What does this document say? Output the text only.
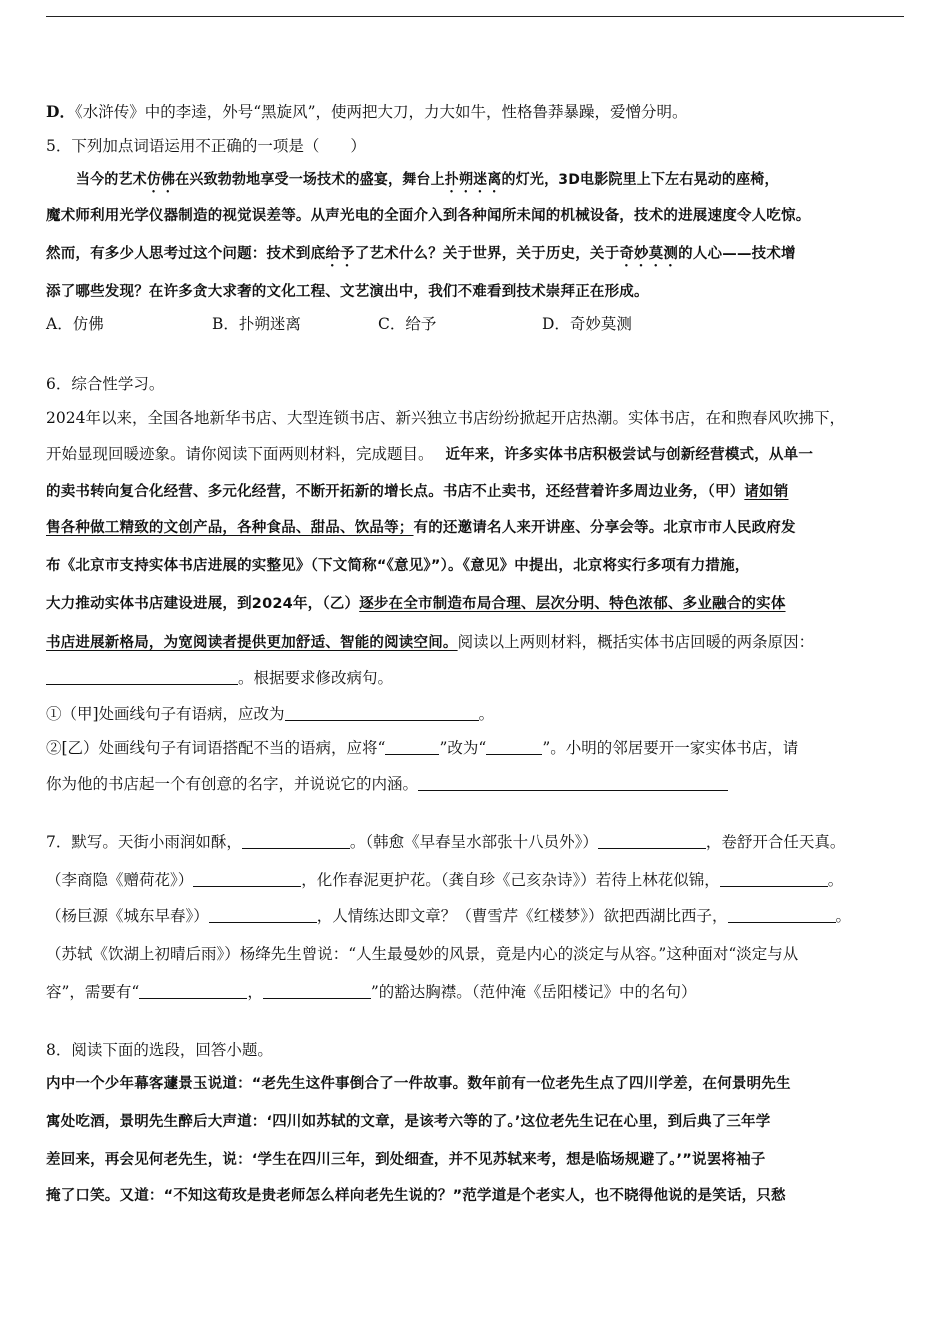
D．《水浒传》中的李逵，外号“黑旋风”，使两把大刀，力大如牛，性格鲁莽暴躁，爱憎分明。
5．下列加点词语运用不正确的一项是（　　）
当今的艺术仿佛在兴致勃勃地享受一场技术的盛宴，舞台上扑朔迷离的灯光，3D电影院里上下左右晃动的座椅，
魔术师利用光学仪器制造的视觉误差等。从声光电的全面介入到各种闻所未闻的机械设备，技术的进展速度令人吃惊。
然而，有多少人思考过这个问题：技术到底给予了艺术什么？关于世界，关于历史，关于奇妙莫测的人心——技术增
添了哪些发现？在许多贪大求奢的文化工程、文艺演出中，我们不难看到技术崇拜正在形成。
A．仿佛	B．扑朔迷离	C．给予	D．奇妙莫测
6．综合性学习。
2024年以来，全国各地新华书店、大型连锁书店、新兴独立书店纷纷掀起开店热潮。实体书店，在和煦春风吹拂下，
开始显现回暖迹象。请你阅读下面两则材料，完成题目。 近年来，许多实体书店积极尝试与创新经营模式，从单一
的卖书转向复合化经营、多元化经营，不断开拓新的增长点。书店不止卖书，还经营着许多周边业务，（甲）诸如销
售各种做工精致的文创产品，各种食品、甜品、饮品等；有的还邀请名人来开讲座、分享会等。北京市市人民政府发
布《北京市支持实体书店进展的实整见》（下文简称“《意见》”）。《意见》中提出，北京将实行多项有力措施，
大力推动实体书店建设进展，到2024年，（乙）逐步在全市制造布局合理、层次分明、特色浓郁、多业融合的实体
书店进展新格局，为宽阅读者提供更加舒适、智能的阅读空间。阅读以上两则材料，概括实体书店回暖的两条原因：
。根据要求修改病句。
①（甲]处画线句子有语病，应改为	。
②[乙）处画线句子有词语搭配不当的语病，应将“	”改为“	”。小明的邻居要开一家实体书店，请
你为他的书店起一个有创意的名字，并说说它的内涵。
7．默写。天街小雨润如酥，	。（韩愈《早春呈水部张十八员外》）	，卷舒开合任天真。
（李商隐《赠荷花》）	，化作春泥更护花。（龚自珍《己亥杂诗》）若待上林花似锦，	。
（杨巨源《城东早春》）	，人情练达即文章？（曹雪芹《红楼梦》）欲把西湖比西子，	。
（苏轼《饮湖上初晴后雨》）杨绛先生曾说：“人生最曼妙的风景，竟是内心的淡定与从容。”这种面对“淡定与从
容”，需要有“	，	”的豁达胸襟。（范仲淹《岳阳楼记》中的名句）
8．阅读下面的选段，回答小题。
内中一个少年幕客蘧景玉说道：“老先生这件事倒合了一件故事。数年前有一位老先生点了四川学差，在何景明先生
寓处吃酒，景明先生醉后大声道：‘四川如苏轼的文章，是该考六等的了。’这位老先生记在心里，到后典了三年学
差回来，再会见何老先生，说：‘学生在四川三年，到处细查，并不见苏轼来考，想是临场规避了。’”说罢将袖子
掩了口笑。又道：“不知这荀玫是贵老师怎么样向老先生说的？”范学道是个老实人，也不晓得他说的是笑话，只愁
